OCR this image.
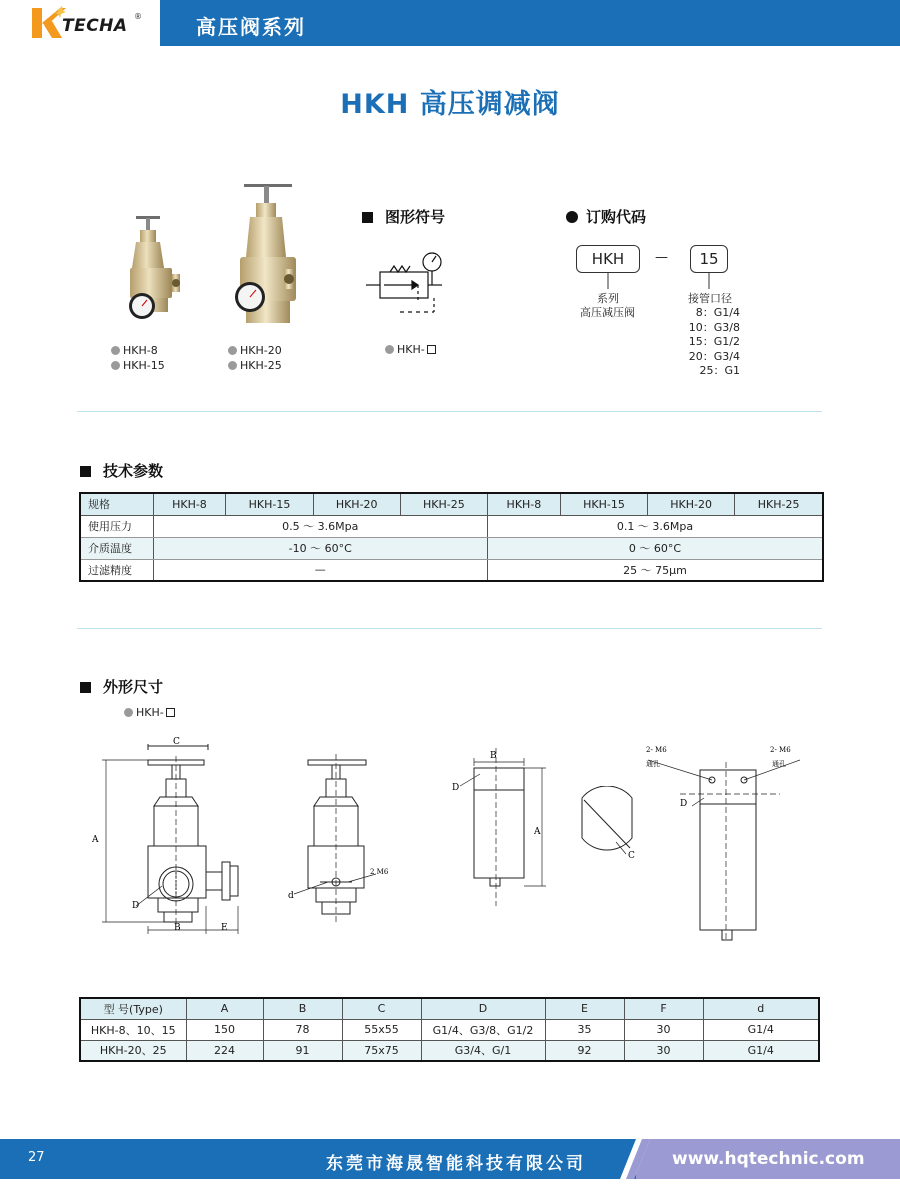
TECHA ®	高压阀系列
HKH 高压调减阀
HKH-8
HKH-15
HKH-20
HKH-25
图形符号
HKH-
订购代码
HKH	—	15
系列
高压减压阀
接管口径
8：G1/4
10：G3/8
15：G1/2
20：G3/4
25：G1
技术参数
规格	HKH-8	HKH-15	HKH-20	HKH-25	HKH-8	HKH-15	HKH-20	HKH-25
使用压力	0.5 ～ 3.6Mpa				0.1 ～ 3.6Mpa			
介质温度	-10 ～ 60°C				0 ～ 60°C			
过滤精度	—				25 ～ 75μm			
外形尺寸
HKH-
C
A
D
B	E
d
2 M6
B
A
D
C
2- M6
通孔
2- M6
通孔
D
型 号(Type)	A	B	C	D	E	F	d
HKH-8、10、15	150	78	55x55	G1/4、G3/8、G1/2	35	30	G1/4
HKH-20、25	224	91	75x75	G3/4、G/1	92	30	G1/4
27	东莞市海晟智能科技有限公司	www.hqtechnic.com
